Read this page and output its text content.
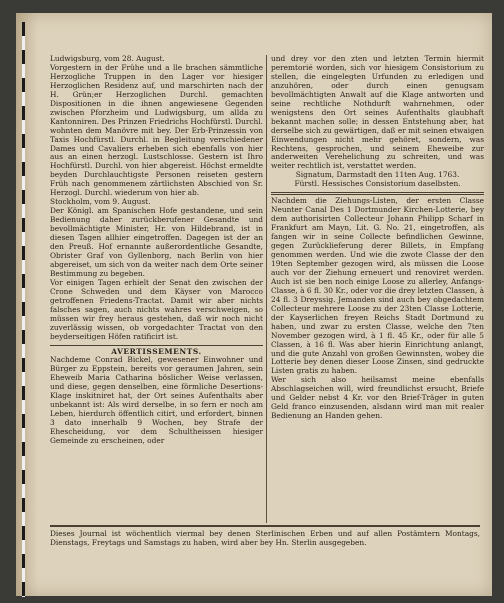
Ludwigsburg, vom 28. August.

Vorgestern in der Frühe und a lle brachen sämmtliche Herzogliche Truppen in den Lager vor hiesiger Herzoglichen Residenz auf, und marschirten nach der H. Grün;er Herzoglichen Durchl. gemachten Dispositionen in die ihnen angewiesene Gegenden zwischen Pforzheim und Ludwigsburg, um allda zu Kantonniren. Des Prinzen Friedrichs Hochfürstl. Durchl. wohnten dem Manövre mit bey. Der Erb-Prinzessin von Taxis Hochfürstl. Durchl. in Begleitung verschiedener Dames und Cavaliers erheben sich ebenfalls von hier aus an einen herzogl. Lustschlosse. Gestern ist Ihro Hochfürstl. Durchl. von hier abgereist. Höchst ermeldte beyden Durchlauchtigste Personen reiseten gestern Früh nach genommenem zärtlichsten Abschied von Sr. Herzogl. Durchl. wiederum von hier ab.

Stockholm, vom 9. August.

Der Königl. am Spanischen Hofe gestandene, und sein Bedienung daher zurückberufener Gesandte und bevollmächtigte Minister, Hr. von Hildebrand, ist in diesen Tagen allhier eingetroffen. Dagegen ist der an den Preuß. Hof ernannte außerordentliche Gesandte, Obrister Graf von Gyllenborg, nach Berlin von hier abgereiset, um sich von da weiter nach dem Orte seiner Bestimmung zu begeben.

Vor einigen Tagen erhielt der Senat den zwischen der Crone Schweden und dem Käyser von Marocco getroffenen Friedens-Tractat. Damit wir aber nichts falsches sagen, auch nichts wahres verschweigen, so müssen wir frey heraus gestehen, daß wir noch nicht zuverlässig wissen, ob vorgedachter Tractat von den beyderseitigen Höfen ratificirt ist.

AVERTISSEMENTS.

Nachdeme Conrad Bickel, gewesener Einwohner und Bürger zu Eppstein, bereits vor geraumen Jahren, sein Eheweib Maria Catharina böslicher Weise verlassen, und diese, gegen denselben, eine förmliche Desertions-Klage inskitniret hat, der Ort seines Aufenthalts aber unbekannt ist: Als wird derselbe, in so fern er noch am Leben, hierdurch öffentlich citirt, und erfordert, binnen 3 dato innerhalb 9 Wochen, bey Strafe der Ehescheidung, vor dem Schultheissen hiesiger Gemeinde zu erscheinen, oder

und drey vor den zten und letzten Termin hiermit peremtorié worden, sich vor hiesigem Consistorium zu stellen, die eingelegten Urfunden zu erledigen und anzuhören, oder durch einen genugsam bevollmächtigten Anwalt auf die Klage antworten und seine rechtliche Nothdurft wahrnehmen, oder wenigstens den Ort seines Aufenthalts glaubhaft bekannt machen solle; in dessen Entstehung aber, hat derselbe sich zu gewärtigen, daß er mit seinen etwaigen Einwendungen nicht mehr gehöret, sondern, was Rechtens, gesprochen, und seinem Eheweibe zur anderweiten Verehelichung zu schreiten, und was weiter rechtlich ist, verstattet werden.

Signatum, Darmstadt den 11ten Aug. 1763.

Fürstl. Hessisches Consistorium daselbsten.

Nachdem die Ziehungs-Listen, der ersten Classe Neunter Canal Des 1 Dortmunder Kirchen-Lotterie, bey dem authorisirten Collecteur Johann Philipp Scharf in Frankfurt am Mayn, Lit. G. No. 21, eingetroffen, als fangen wir in seine Collecte befindlichen Gewinne, gegen Zurücklieferung derer Billets, in Empfang genommen werden. Und wie die zwote Classe der den 19ten September gezogen wird, als müssen die Loose auch vor der Ziehung erneuert und renoviret werden. Auch ist sie ben noch einige Loose zu allerley, Anfangs-Classe, à 6 fl. 30 Kr., oder vor die drey letzten Classen, à 24 fl. 3 Dreyssig. Jemanden sind auch bey obgedachtem Collecteur mehrere Loose zu der 23ten Classe Lotterie, der Kayserlichen freyen Reichs Stadt Dortmund zu haben, und zwar zu ersten Classe, welche den 7ten November gezogen wird, à 1 fl. 45 Kr., oder für alle 5 Classen, à 16 fl. Was aber hierin Einrichtung anlangt, und die gute Anzahl von großen Gewinnsten, wobey die Lotterie bey denen dieser Loose Zinsen, sind gedruckte Listen gratis zu haben.

Wer sich also heilsamst meine ebenfalls Abschlagseichen will, wird freundlichst ersucht, Briefe und Gelder nebst 4 Kr. vor den Brief-Träger in guten Geld franco einzusenden, alsdann wird man mit realer Bedienung an Handen gehen.

Dieses Journal ist wöchentlich viermal bey denen Sterlinischen Erben und auf allen Postämtern Montags, Dienstags, Freytags und Samstags zu haben, wird aber bey Hn. Sterlin ausgegeben.
